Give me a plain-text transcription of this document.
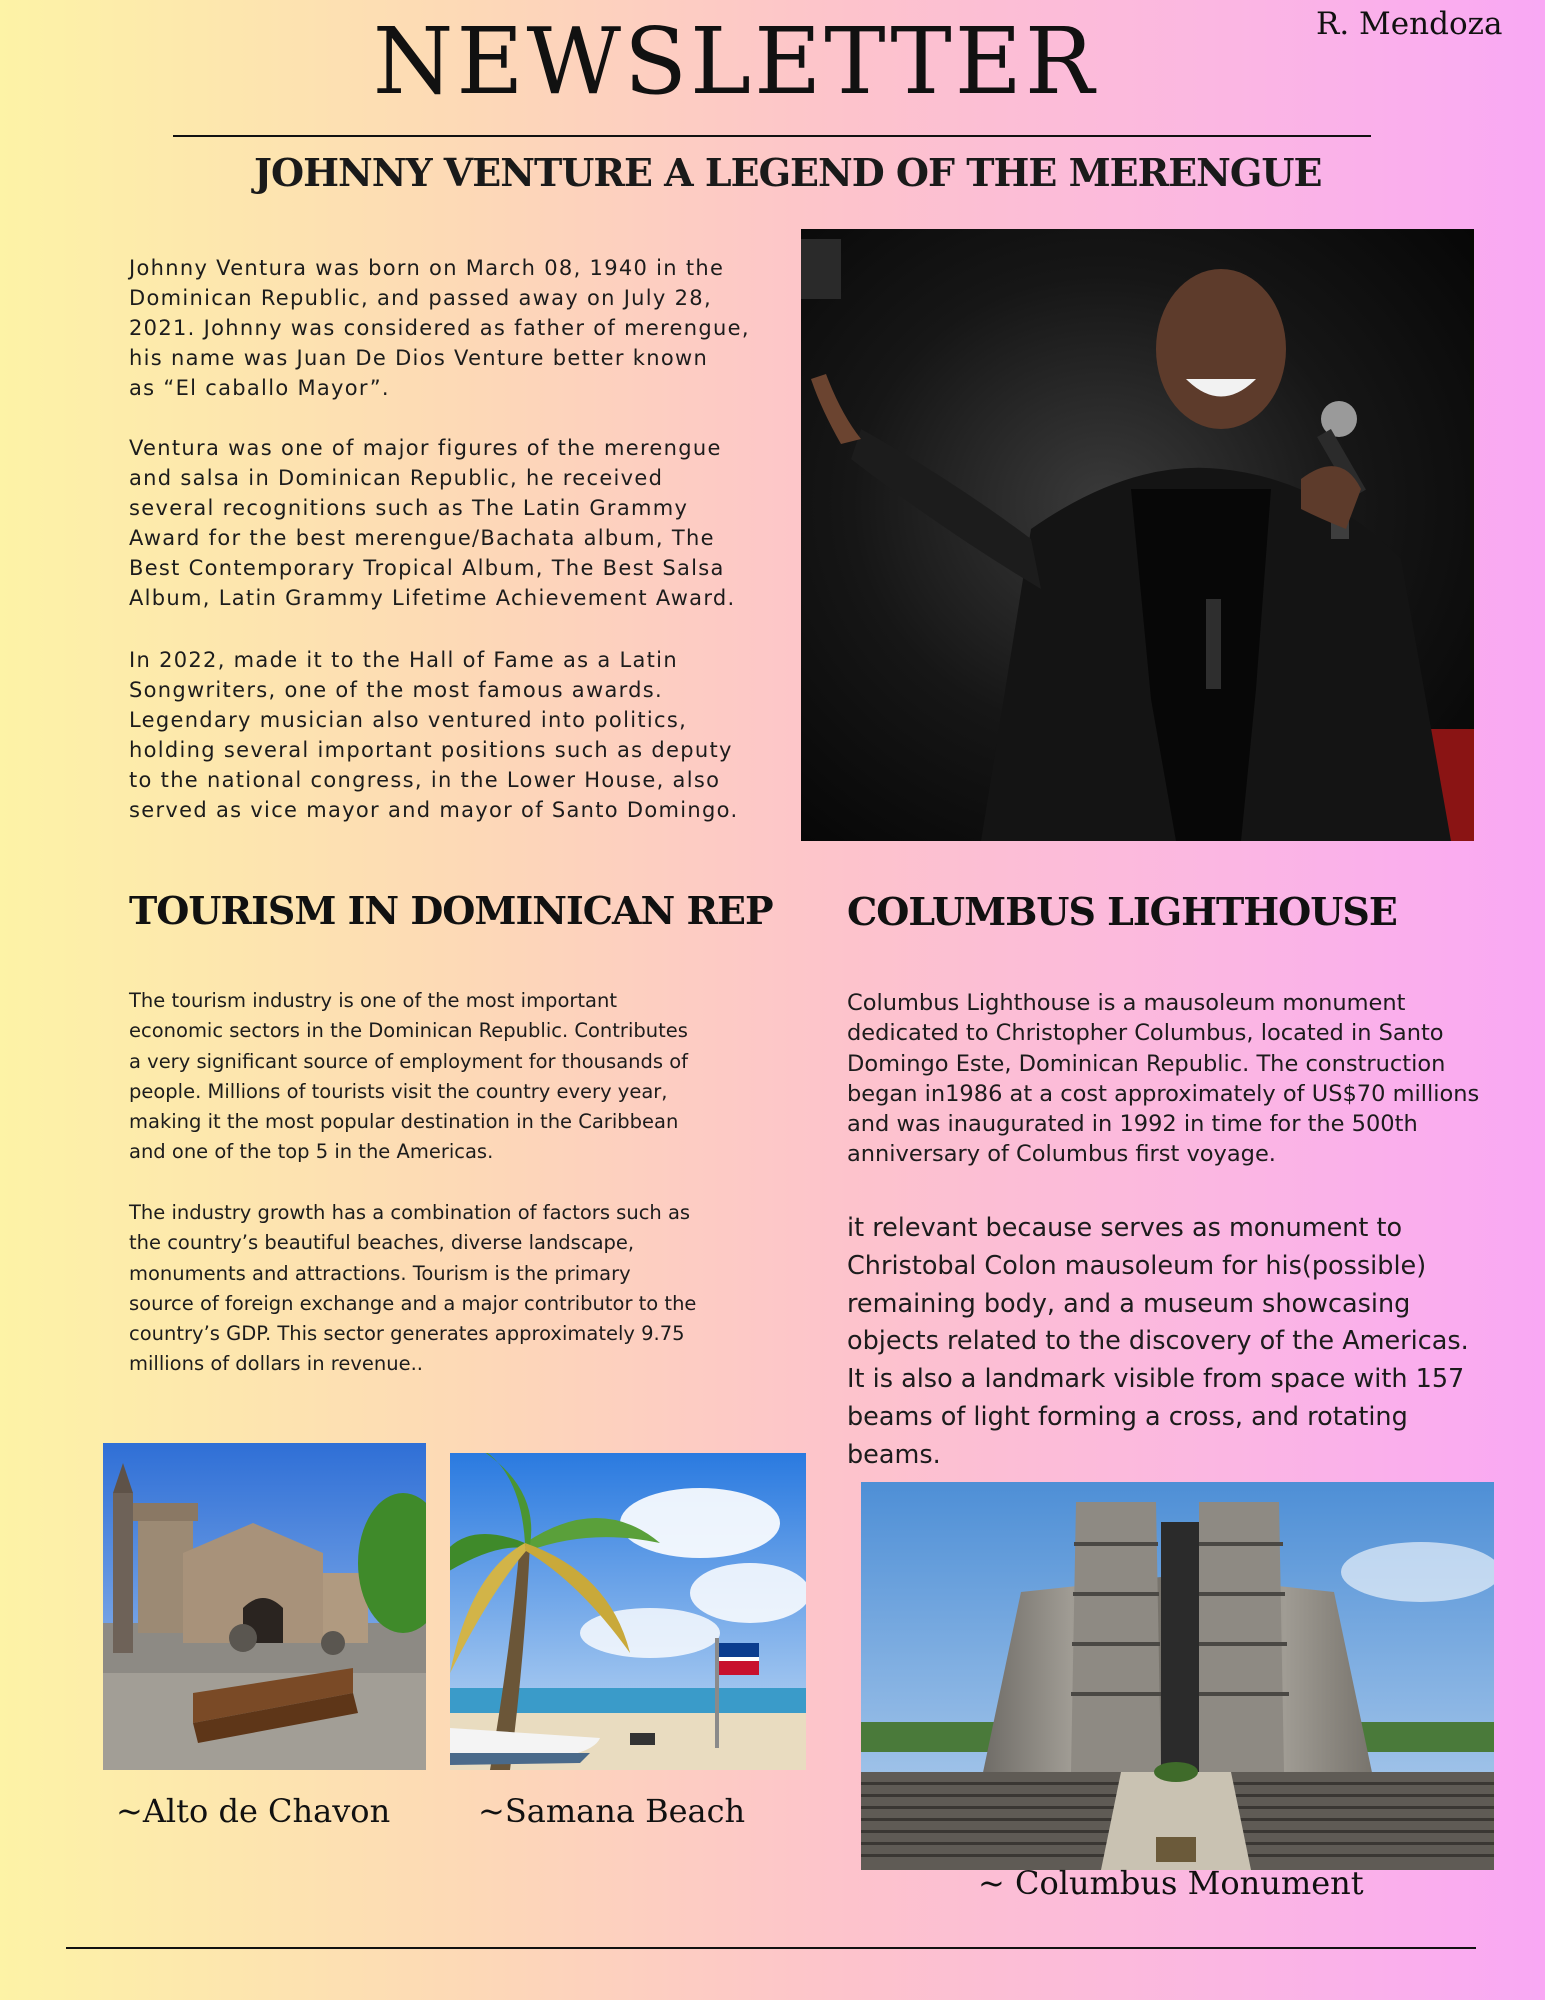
NEWSLETTER	R. Mendoza
JOHNNY VENTURE A LEGEND OF THE MERENGUE

Johnny Ventura was born on March 08, 1940 in the
Dominican Republic, and passed away on July 28,
2021. Johnny was considered as father of merengue,
his name was Juan De Dios Venture better known
as “El caballo Mayor”.

Ventura was one of major figures of the merengue
and salsa in Dominican Republic, he received
several recognitions such as The Latin Grammy
Award for the best merengue/Bachata album, The
Best Contemporary Tropical Album, The Best Salsa
Album, Latin Grammy Lifetime Achievement Award.

In 2022, made it to the Hall of Fame as a Latin
Songwriters, one of the most famous awards.
Legendary musician also ventured into politics,
holding several important positions such as deputy
to the national congress, in the Lower House, also
served as vice mayor and mayor of Santo Domingo.

TOURISM IN DOMINICAN REP

The tourism industry is one of the most important
economic sectors in the Dominican Republic. Contributes
a very significant source of employment for thousands of
people. Millions of tourists visit the country every year,
making it the most popular destination in the Caribbean
and one of the top 5 in the Americas.

The industry growth has a combination of factors such as
the country’s beautiful beaches, diverse landscape,
monuments and attractions. Tourism is the primary
source of foreign exchange and a major contributor to the
country’s GDP. This sector generates approximately 9.75
millions of dollars in revenue..

~Alto de Chavon	~Samana Beach
COLUMBUS LIGHTHOUSE

Columbus Lighthouse is a mausoleum monument
dedicated to Christopher Columbus, located in Santo
Domingo Este, Dominican Republic. The construction
began in1986 at a cost approximately of US$70 millions
and was inaugurated in 1992 in time for the 500th
anniversary of Columbus first voyage.

it relevant because serves as monument to
Christobal Colon mausoleum for his(possible)
remaining body, and a museum showcasing
objects related to the discovery of the Americas.
It is also a landmark visible from space with 157
beams of light forming a cross, and rotating
beams.

~ Columbus Monument
